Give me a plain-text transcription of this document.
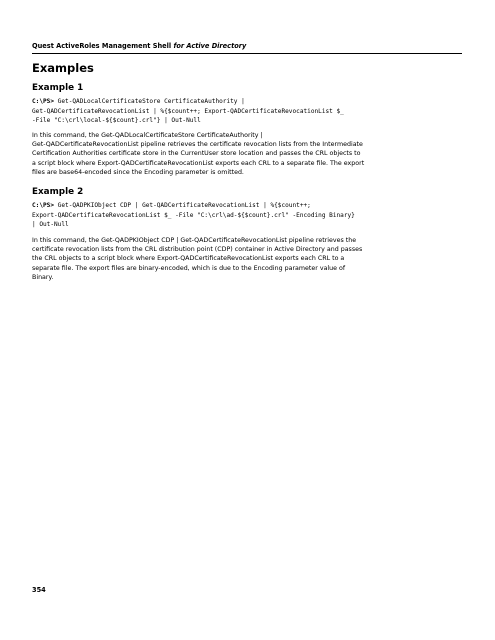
Quest ActiveRoles Management Shell for Active Directory
Examples
Example 1
C:\PS> Get-QADLocalCertificateStore CertificateAuthority |
Get-QADCertificateRevocationList | %{$count++; Export-QADCertificateRevocationList $_
-File "C:\crl\local-${$count}.crl"} | Out-Null
In this command, the Get-QADLocalCertificateStore CertificateAuthority |
Get-QADCertificateRevocationList pipeline retrieves the certificate revocation lists from the Intermediate
Certification Authorities certificate store in the CurrentUser store location and passes the CRL objects to
a script block where Export-QADCertificateRevocationList exports each CRL to a separate file. The export
files are base64-encoded since the Encoding parameter is omitted.
Example 2
C:\PS> Get-QADPKIObject CDP | Get-QADCertificateRevocationList | %{$count++;
Export-QADCertificateRevocationList $_ -File "C:\crl\ad-${$count}.crl" -Encoding Binary}
| Out-Null
In this command, the Get-QADPKIObject CDP | Get-QADCertificateRevocationList pipeline retrieves the
certificate revocation lists from the CRL distribution point (CDP) container in Active Directory and passes
the CRL objects to a script block where Export-QADCertificateRevocationList exports each CRL to a
separate file. The export files are binary-encoded, which is due to the Encoding parameter value of
Binary.
354
